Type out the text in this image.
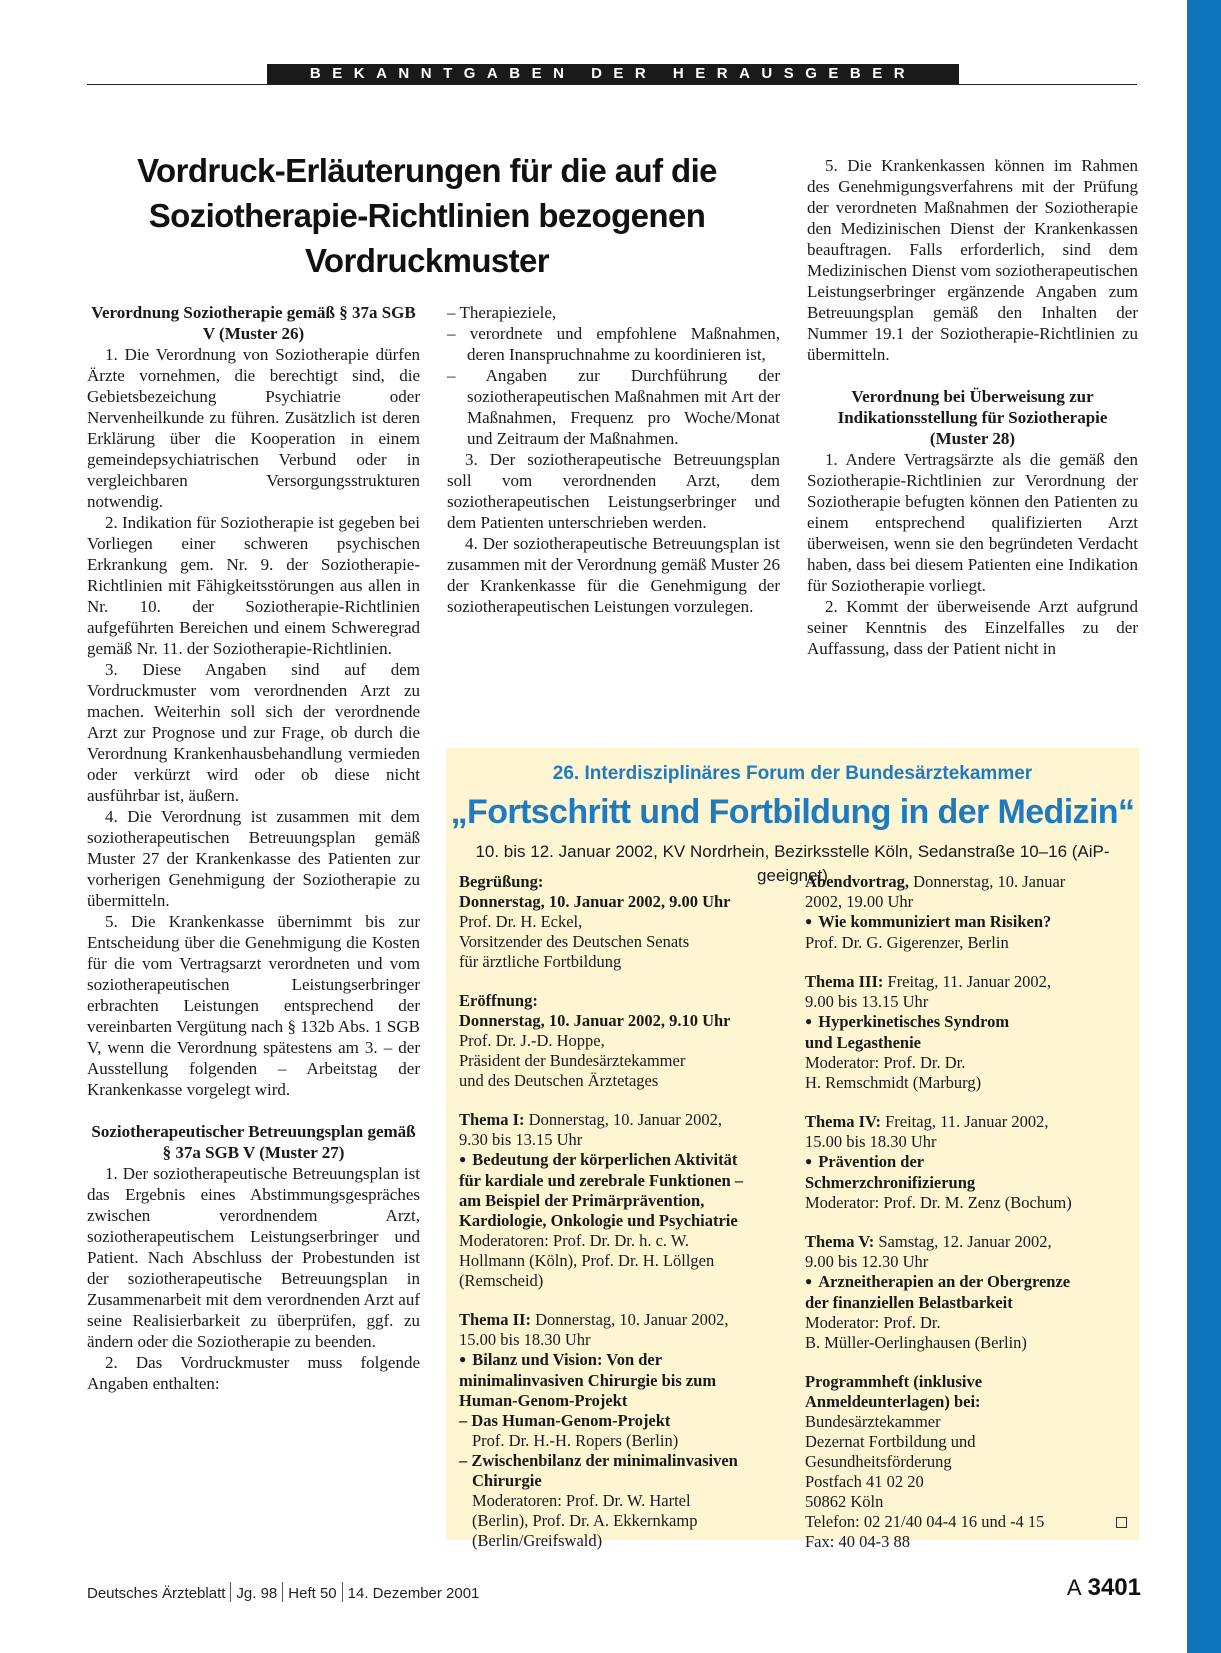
BEKANNTGABEN DER HERAUSGEBER
Vordruck-Erläuterungen für die auf die Soziotherapie-Richtlinien bezogenen Vordruckmuster
Verordnung Soziotherapie gemäß § 37a SGB V (Muster 26)

1. Die Verordnung von Soziotherapie dürfen Ärzte vornehmen, die berechtigt sind, die Gebietsbezeichung Psychiatrie oder Nervenheilkunde zu führen. Zusätzlich ist deren Erklärung über die Kooperation in einem gemeindepsychiatrischen Verbund oder in vergleichbaren Versorgungsstrukturen notwendig.

2. Indikation für Soziotherapie ist gegeben bei Vorliegen einer schweren psychischen Erkrankung gem. Nr. 9. der Soziotherapie-Richtlinien mit Fähigkeitsstörungen aus allen in Nr. 10. der Soziotherapie-Richtlinien aufgeführten Bereichen und einem Schweregrad gemäß Nr. 11. der Soziotherapie-Richtlinien.

3. Diese Angaben sind auf dem Vordruckmuster vom verordnenden Arzt zu machen. Weiterhin soll sich der verordnende Arzt zur Prognose und zur Frage, ob durch die Verordnung Krankenhausbehandlung vermieden oder verkürzt wird oder ob diese nicht ausführbar ist, äußern.

4. Die Verordnung ist zusammen mit dem soziotherapeutischen Betreuungsplan gemäß Muster 27 der Krankenkasse des Patienten zur vorherigen Genehmigung der Soziotherapie zu übermitteln.

5. Die Krankenkasse übernimmt bis zur Entscheidung über die Genehmigung die Kosten für die vom Vertragsarzt verordneten und vom soziotherapeutischen Leistungserbringer erbrachten Leistungen entsprechend der vereinbarten Vergütung nach § 132b Abs. 1 SGB V, wenn die Verordnung spätestens am 3. – der Ausstellung folgenden – Arbeitstag der Krankenkasse vorgelegt wird.

Soziotherapeutischer Betreuungsplan gemäß § 37a SGB V (Muster 27)

1. Der soziotherapeutische Betreuungsplan ist das Ergebnis eines Abstimmungsgespräches zwischen verordnendem Arzt, soziotherapeutischem Leistungserbringer und Patient. Nach Abschluss der Probestunden ist der soziotherapeutische Betreuungsplan in Zusammenarbeit mit dem verordnenden Arzt auf seine Realisierbarkeit zu überprüfen, ggf. zu ändern oder die Soziotherapie zu beenden.

2. Das Vordruckmuster muss folgende Angaben enthalten:

– Therapieziele,
– verordnete und empfohlene Maßnahmen, deren Inanspruchnahme zu koordinieren ist,
– Angaben zur Durchführung der soziotherapeutischen Maßnahmen mit Art der Maßnahmen, Frequenz pro Woche/Monat und Zeitraum der Maßnahmen.

3. Der soziotherapeutische Betreuungsplan soll vom verordnenden Arzt, dem soziotherapeutischen Leistungserbringer und dem Patienten unterschrieben werden.

4. Der soziotherapeutische Betreuungsplan ist zusammen mit der Verordnung gemäß Muster 26 der Krankenkasse für die Genehmigung der soziotherapeutischen Leistungen vorzulegen.

5. Die Krankenkassen können im Rahmen des Genehmigungsverfahrens mit der Prüfung der verordneten Maßnahmen der Soziotherapie den Medizinischen Dienst der Krankenkassen beauftragen. Falls erforderlich, sind dem Medizinischen Dienst vom soziotherapeutischen Leistungserbringer ergänzende Angaben zum Betreuungsplan gemäß den Inhalten der Nummer 19.1 der Soziotherapie-Richtlinien zu übermitteln.

Verordnung bei Überweisung zur Indikationsstellung für Soziotherapie (Muster 28)

1. Andere Vertragsärzte als die gemäß den Soziotherapie-Richtlinien zur Verordnung der Soziotherapie befugten können den Patienten zu einem entsprechend qualifizierten Arzt überweisen, wenn sie den begründeten Verdacht haben, dass bei diesem Patienten eine Indikation für Soziotherapie vorliegt.

2. Kommt der überweisende Arzt aufgrund seiner Kenntnis des Einzelfalles zu der Auffassung, dass der Patient nicht in

26. Interdisziplinäres Forum der Bundesärztekammer
„Fortschritt und Fortbildung in der Medizin“
10. bis 12. Januar 2002, KV Nordrhein, Bezirksstelle Köln, Sedanstraße 10–16 (AiP-geeignet)
Begrüßung:
Donnerstag, 10. Januar 2002, 9.00 Uhr
Prof. Dr. H. Eckel,
Vorsitzender des Deutschen Senats
für ärztliche Fortbildung
Eröffnung:
Donnerstag, 10. Januar 2002, 9.10 Uhr
Prof. Dr. J.-D. Hoppe,
Präsident der Bundesärztekammer
und des Deutschen Ärztetages
Thema I: Donnerstag, 10. Januar 2002,
9.30 bis 13.15 Uhr
● Bedeutung der körperlichen Aktivität
für kardiale und zerebrale Funktionen –
am Beispiel der Primärprävention,
Kardiologie, Onkologie und Psychiatrie
Moderatoren: Prof. Dr. Dr. h. c. W.
Hollmann (Köln), Prof. Dr. H. Löllgen
(Remscheid)
Thema II: Donnerstag, 10. Januar 2002,
15.00 bis 18.30 Uhr
● Bilanz und Vision: Von der
minimalinvasiven Chirurgie bis zum
Human-Genom-Projekt
– Das Human-Genom-Projekt
Prof. Dr. H.-H. Ropers (Berlin)
– Zwischenbilanz der minimalinvasiven
Chirurgie
Moderatoren: Prof. Dr. W. Hartel
(Berlin), Prof. Dr. A. Ekkernkamp
(Berlin/Greifswald)
Abendvortrag, Donnerstag, 10. Januar
2002, 19.00 Uhr
● Wie kommuniziert man Risiken?
Prof. Dr. G. Gigerenzer, Berlin
Thema III: Freitag, 11. Januar 2002,
9.00 bis 13.15 Uhr
● Hyperkinetisches Syndrom
und Legasthenie
Moderator: Prof. Dr. Dr.
H. Remschmidt (Marburg)
Thema IV: Freitag, 11. Januar 2002,
15.00 bis 18.30 Uhr
● Prävention der
Schmerzchronifizierung
Moderator: Prof. Dr. M. Zenz (Bochum)
Thema V: Samstag, 12. Januar 2002,
9.00 bis 12.30 Uhr
● Arzneitherapien an der Obergrenze
der finanziellen Belastbarkeit
Moderator: Prof. Dr.
B. Müller-Oerlinghausen (Berlin)
Programmheft (inklusive
Anmeldeunterlagen) bei:
Bundesärztekammer
Dezernat Fortbildung und
Gesundheitsförderung
Postfach 41 02 20
50862 Köln
Telefon: 02 21/40 04-4 16 und -4 15
Fax: 40 04-3 88
Deutsches Ärzteblatt Jg. 98 Heft 50 14. Dezember 2001	A 3401
